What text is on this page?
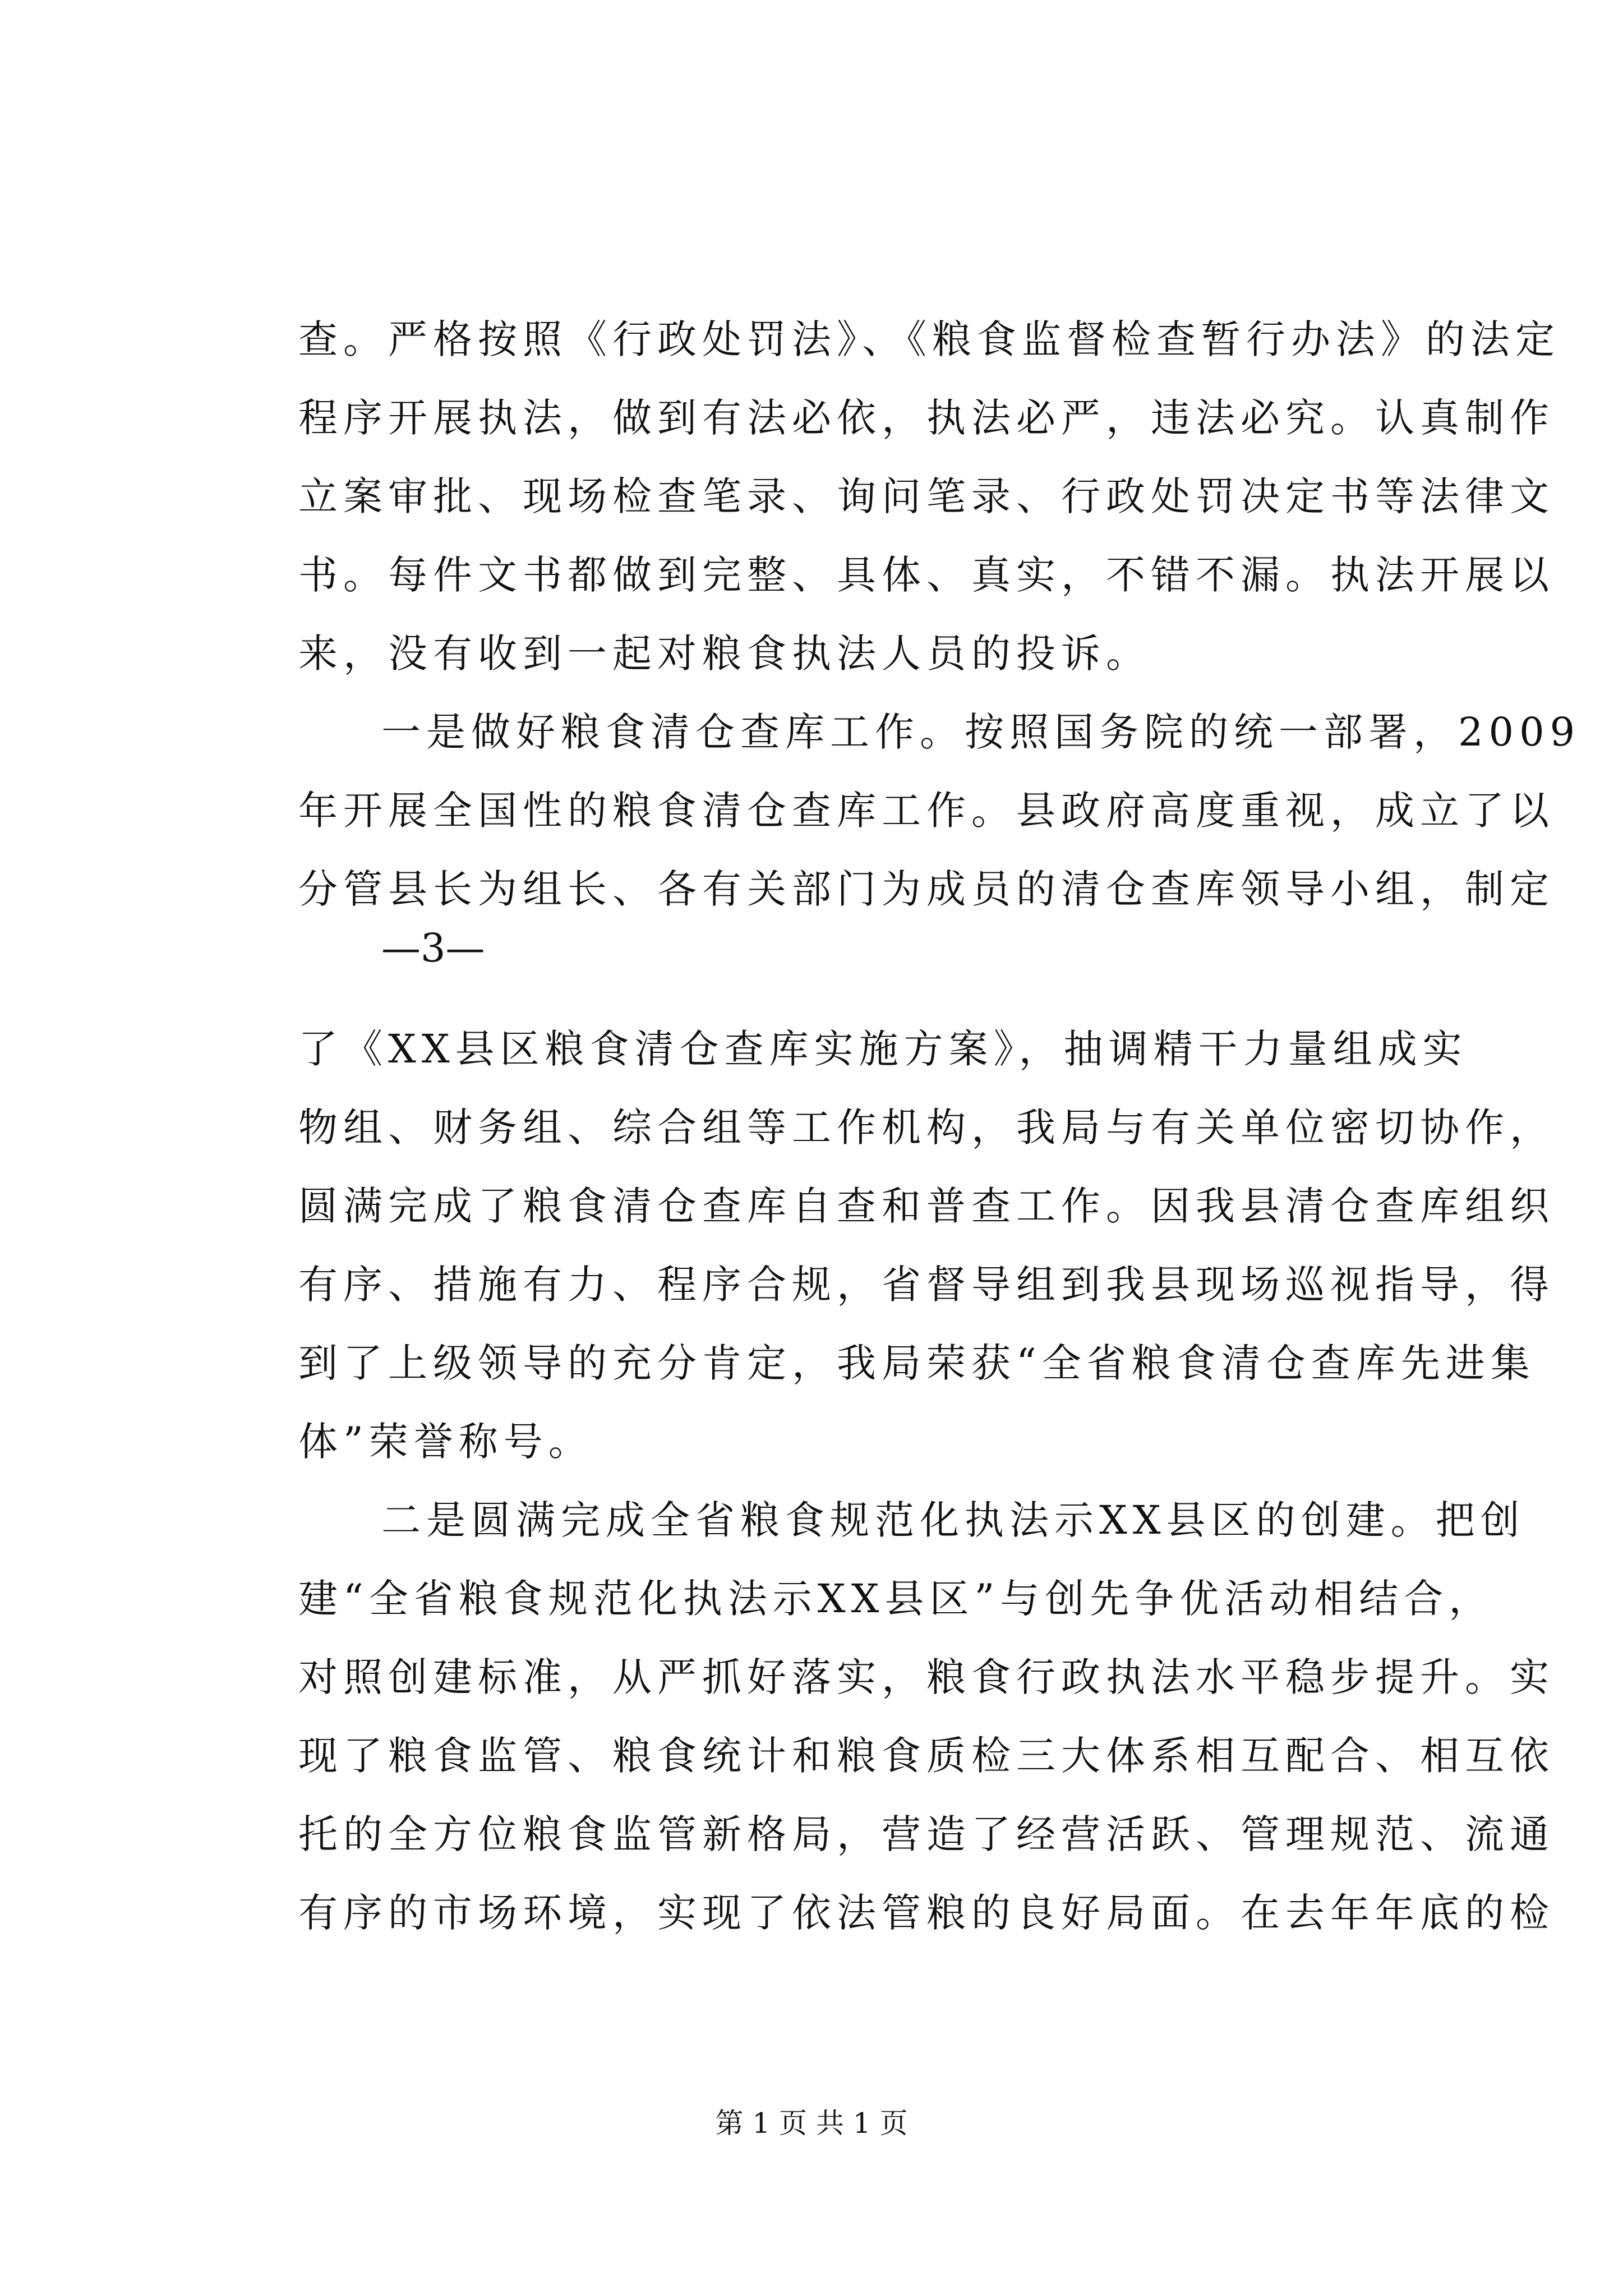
查。严格按照《行政处罚法》、《粮食监督检查暂行办法》的法定
程序开展执法，做到有法必依，执法必严，违法必究。认真制作
立案审批、现场检查笔录、询问笔录、行政处罚决定书等法律文
书。每件文书都做到完整、具体、真实，不错不漏。执法开展以
来，没有收到一起对粮食执法人员的投诉。
一是做好粮食清仓查库工作。按照国务院的统一部署，2009
年开展全国性的粮食清仓查库工作。县政府高度重视，成立了以
分管县长为组长、各有关部门为成员的清仓查库领导小组，制定
—3—
了《XX县区粮食清仓查库实施方案》，抽调精干力量组成实
物组、财务组、综合组等工作机构，我局与有关单位密切协作，
圆满完成了粮食清仓查库自查和普查工作。因我县清仓查库组织
有序、措施有力、程序合规，省督导组到我县现场巡视指导，得
到了上级领导的充分肯定，我局荣获“全省粮食清仓查库先进集
体”荣誉称号。
二是圆满完成全省粮食规范化执法示XX县区的创建。把创
建“全省粮食规范化执法示XX县区”与创先争优活动相结合，
对照创建标准，从严抓好落实，粮食行政执法水平稳步提升。实
现了粮食监管、粮食统计和粮食质检三大体系相互配合、相互依
托的全方位粮食监管新格局，营造了经营活跃、管理规范、流通
有序的市场环境，实现了依法管粮的良好局面。在去年年底的检
第 1 页 共 1 页
